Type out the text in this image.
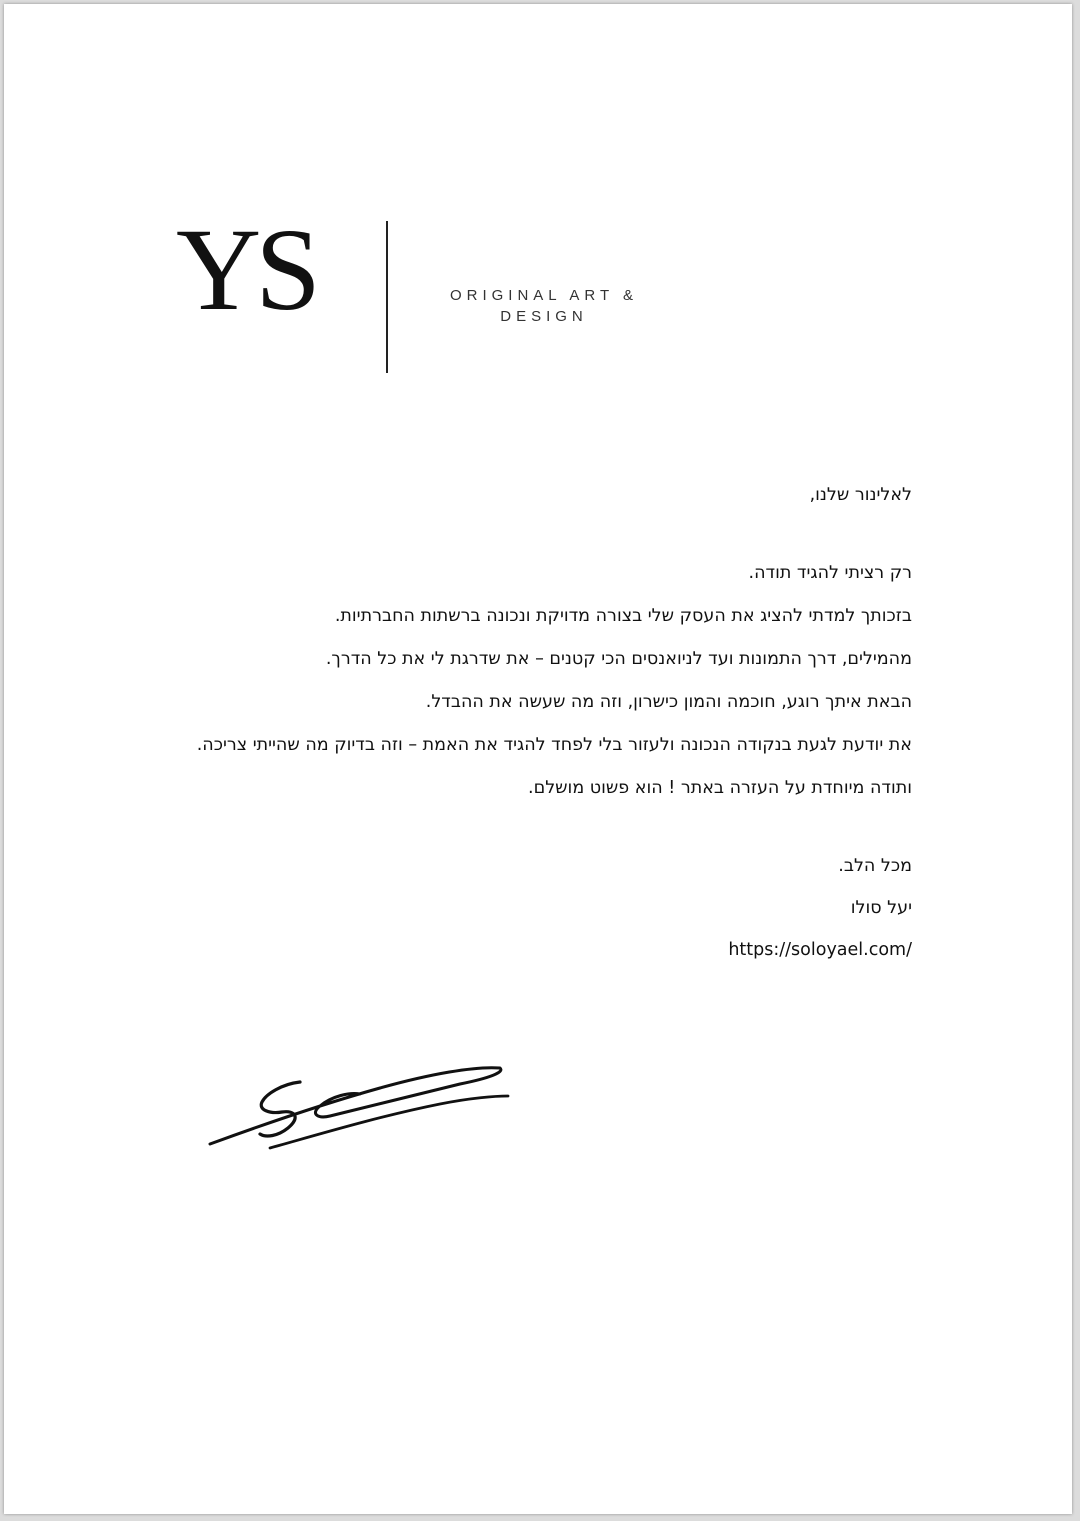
YS	ORIGINAL ART &
DESIGN

לאלינור שלנו,

רק רציתי להגיד תודה.

בזכותך למדתי להציג את העסק שלי בצורה מדויקת ונכונה ברשתות החברתיות.

מהמילים, דרך התמונות ועד לניואנסים הכי קטנים – את שדרגת לי את כל הדרך.

הבאת איתך רוגע, חוכמה והמון כישרון, וזה מה שעשה את ההבדל.

את יודעת לגעת בנקודה הנכונה ולעזור בלי לפחד להגיד את האמת – וזה בדיוק מה שהייתי צריכה.

ותודה מיוחדת על העזרה באתר ! הוא פשוט מושלם.

מכל הלב.

יעל סולו

https://soloyael.com/
